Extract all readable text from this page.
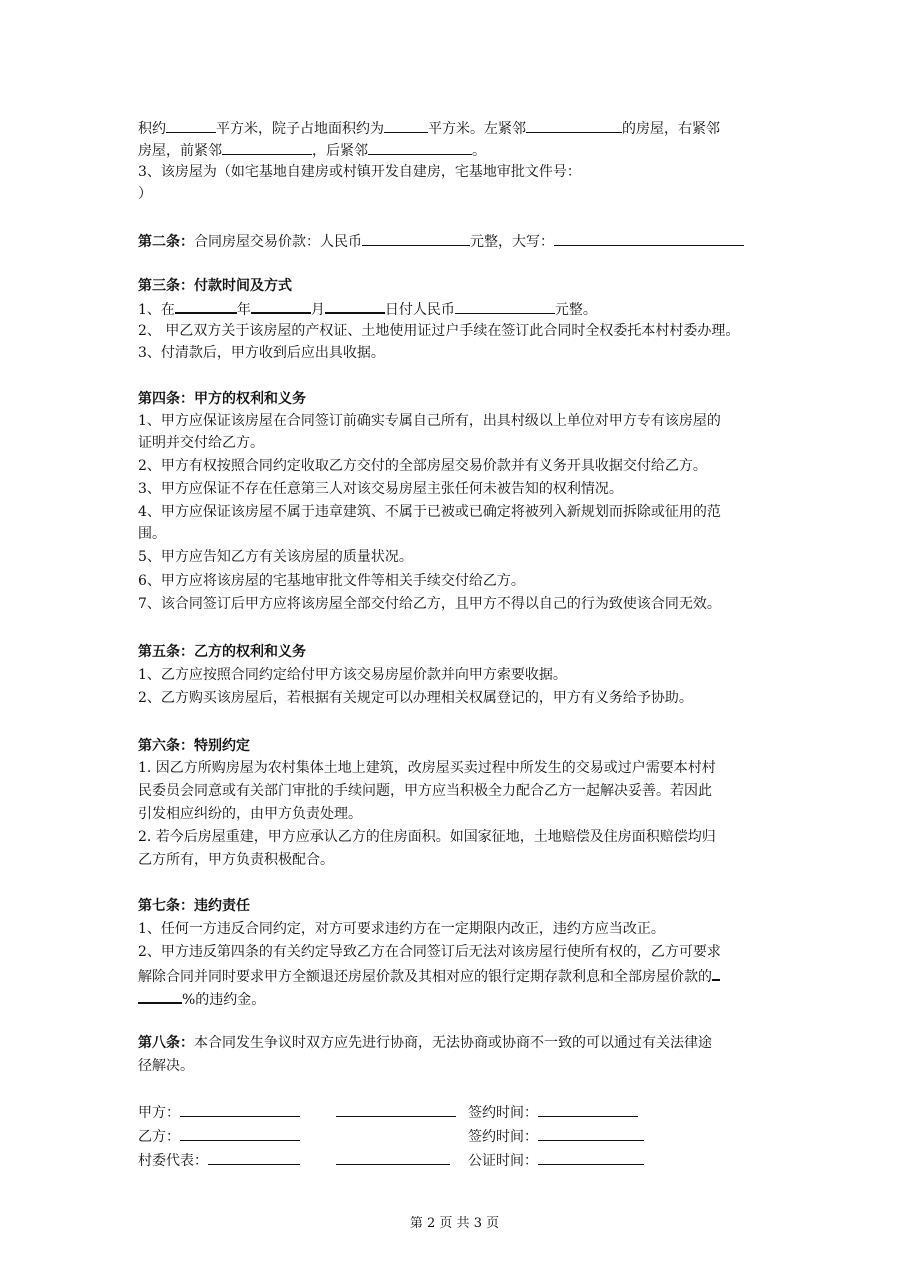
积约	平方米，院子占地面积约为	平方米。左紧邻	的房屋，右紧邻
房屋，前紧邻	，后紧邻	。
3、该房屋为（如宅基地自建房或村镇开发自建房，宅基地审批文件号：
）
第二条：合同房屋交易价款：人民币	元整，大写：
第三条：付款时间及方式
1、在	年	月	日付人民币	元整。
2、 甲乙双方关于该房屋的产权证、土地使用证过户手续在签订此合同时全权委托本村村委办理。
3、付清款后，甲方收到后应出具收据。
第四条：甲方的权利和义务
1、甲方应保证该房屋在合同签订前确实专属自己所有，出具村级以上单位对甲方专有该房屋的
证明并交付给乙方。
2、甲方有权按照合同约定收取乙方交付的全部房屋交易价款并有义务开具收据交付给乙方。
3、甲方应保证不存在任意第三人对该交易房屋主张任何未被告知的权利情况。
4、甲方应保证该房屋不属于违章建筑、不属于已被或已确定将被列入新规划而拆除或征用的范
围。
5、甲方应告知乙方有关该房屋的质量状况。
6、甲方应将该房屋的宅基地审批文件等相关手续交付给乙方。
7、该合同签订后甲方应将该房屋全部交付给乙方，且甲方不得以自己的行为致使该合同无效。
第五条：乙方的权利和义务
1、乙方应按照合同约定给付甲方该交易房屋价款并向甲方索要收据。
2、乙方购买该房屋后，若根据有关规定可以办理相关权属登记的，甲方有义务给予协助。
第六条：特别约定
1. 因乙方所购房屋为农村集体土地上建筑，改房屋买卖过程中所发生的交易或过户需要本村村
民委员会同意或有关部门审批的手续问题，甲方应当积极全力配合乙方一起解决妥善。若因此
引发相应纠纷的，由甲方负责处理。
2. 若今后房屋重建，甲方应承认乙方的住房面积。如国家征地，土地赔偿及住房面积赔偿均归
乙方所有，甲方负责积极配合。
第七条：违约责任
1、任何一方违反合同约定，对方可要求违约方在一定期限内改正，违约方应当改正。
2、甲方违反第四条的有关约定导致乙方在合同签订后无法对该房屋行使所有权的，乙方可要求
解除合同并同时要求甲方全额退还房屋价款及其相对应的银行定期存款利息和全部房屋价款的
%的违约金。
第八条：本合同发生争议时双方应先进行协商，无法协商或协商不一致的可以通过有关法律途
径解决。
甲方：	签约时间：
乙方：	签约时间：
村委代表：	公证时间：
第 2 页 共 3 页
